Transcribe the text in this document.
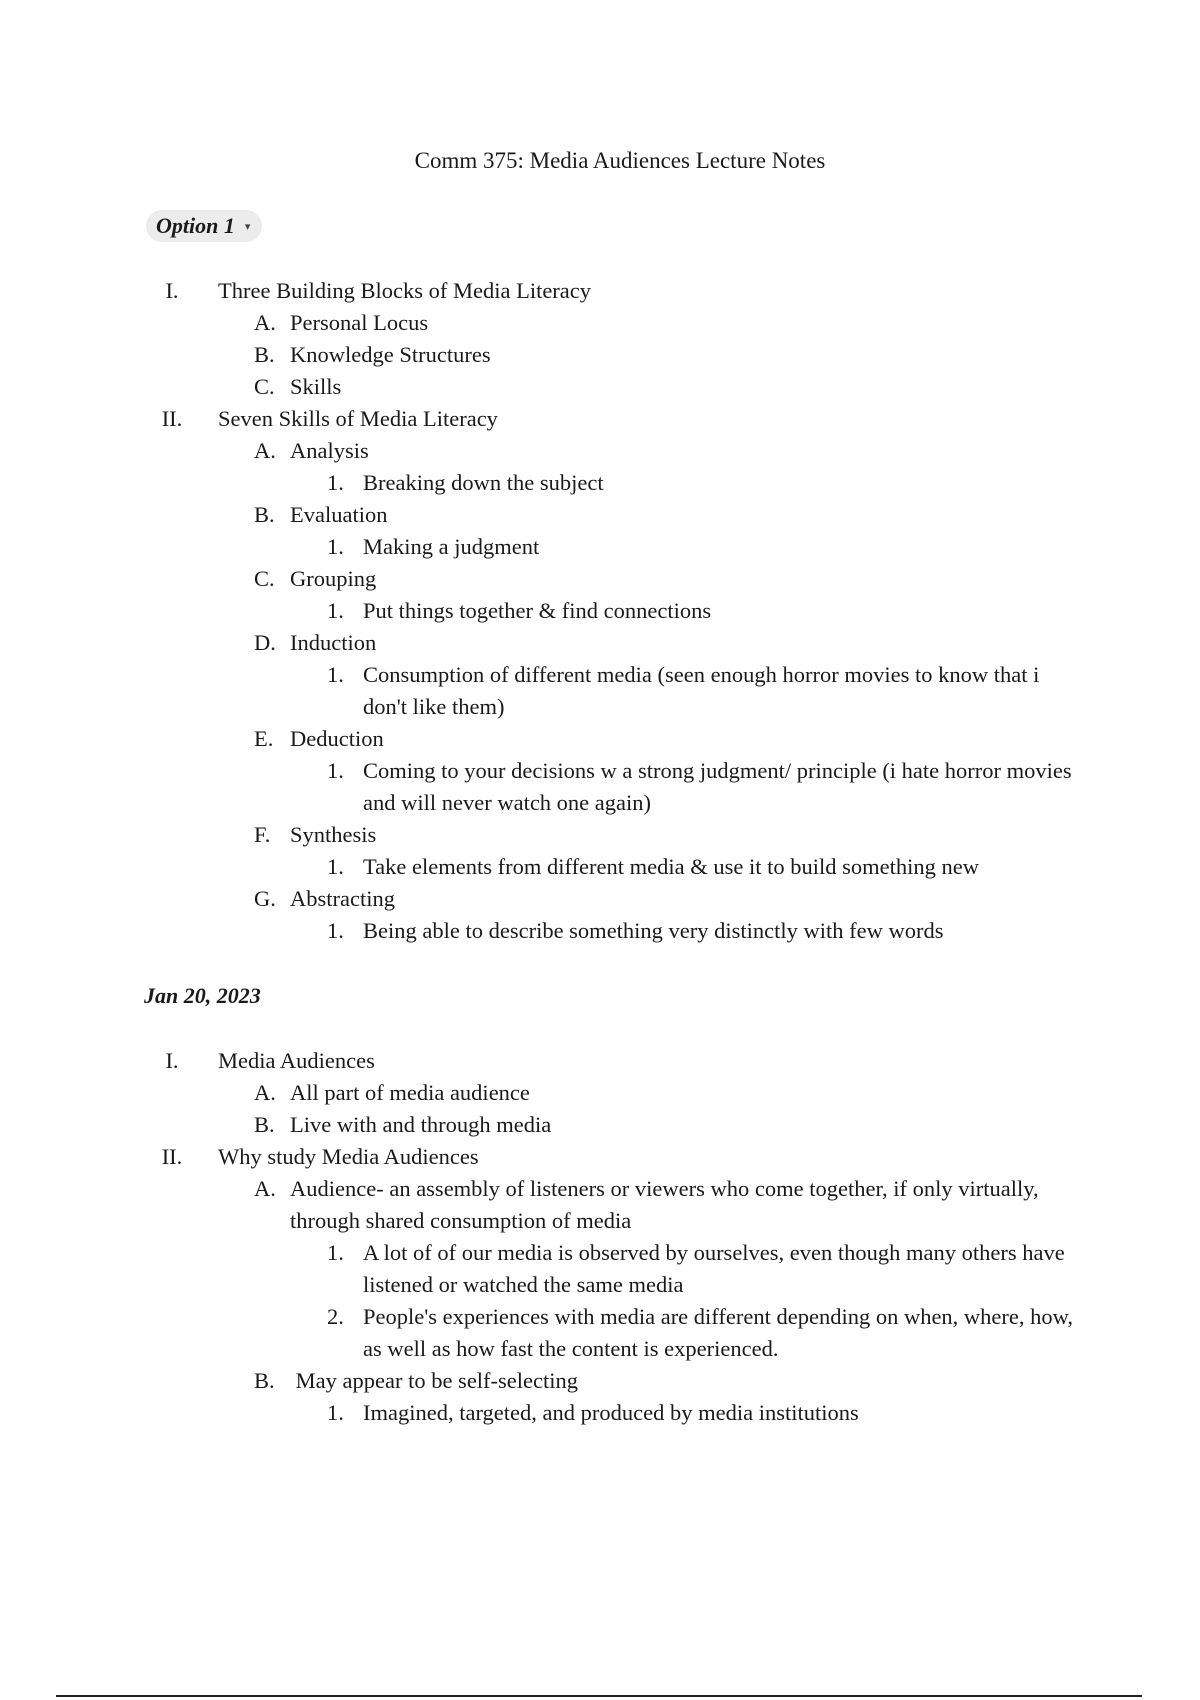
Comm 375: Media Audiences Lecture Notes
Option 1 ▾
I. Three Building Blocks of Media Literacy
A. Personal Locus
B. Knowledge Structures
C. Skills
II. Seven Skills of Media Literacy
A. Analysis
1. Breaking down the subject
B. Evaluation
1. Making a judgment
C. Grouping
1. Put things together & find connections
D. Induction
1. Consumption of different media (seen enough horror movies to know that i don't like them)
E. Deduction
1. Coming to your decisions w a strong judgment/ principle (i hate horror movies and will never watch one again)
F. Synthesis
1. Take elements from different media & use it to build something new
G. Abstracting
1. Being able to describe something very distinctly with few words
Jan 20, 2023
I. Media Audiences
A. All part of media audience
B. Live with and through media
II. Why study Media Audiences
A. Audience- an assembly of listeners or viewers who come together, if only virtually, through shared consumption of media
1. A lot of of our media is observed by ourselves, even though many others have listened or watched the same media
2. People's experiences with media are different depending on when, where, how, as well as how fast the content is experienced.
B. May appear to be self-selecting
1. Imagined, targeted, and produced by media institutions
